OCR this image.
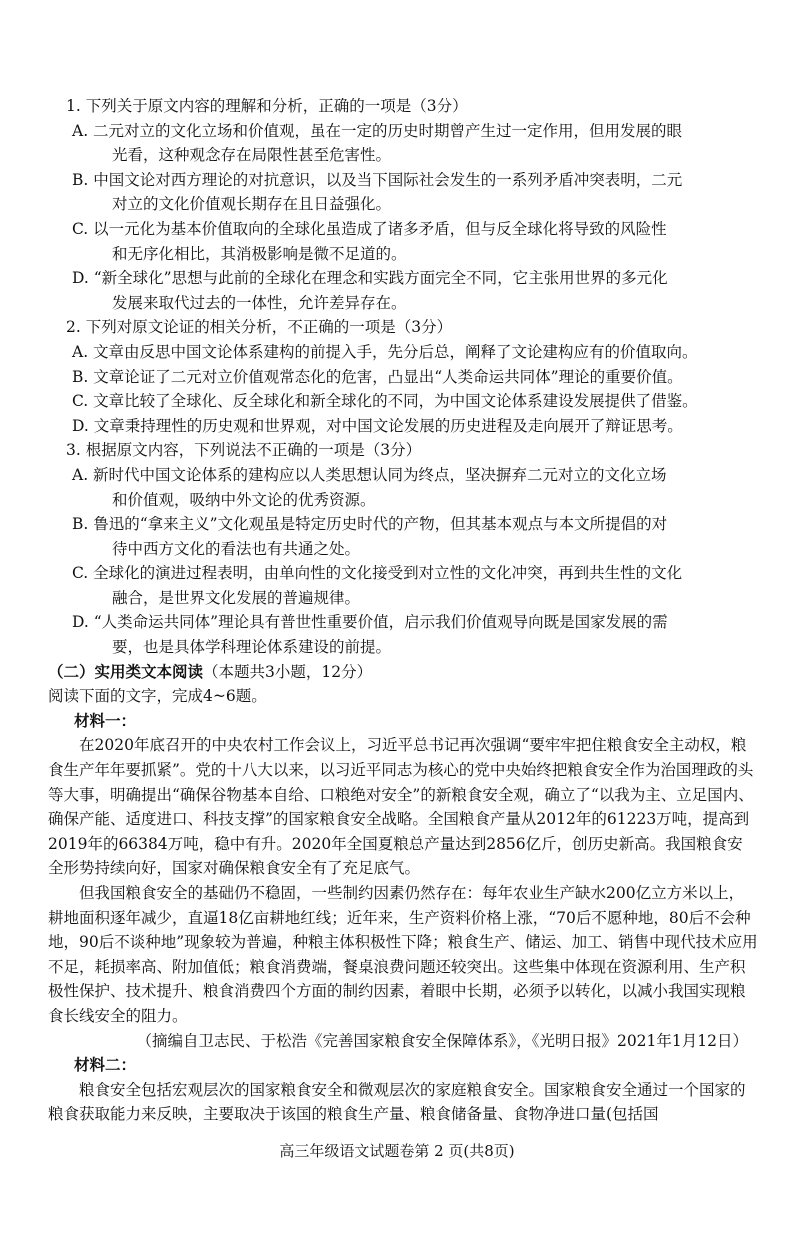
1. 下列关于原文内容的理解和分析，正确的一项是（3分）
A. 二元对立的文化立场和价值观，虽在一定的历史时期曾产生过一定作用，但用发展的眼
光看，这种观念存在局限性甚至危害性。
B. 中国文论对西方理论的对抗意识，以及当下国际社会发生的一系列矛盾冲突表明，二元
对立的文化价值观长期存在且日益强化。
C. 以一元化为基本价值取向的全球化虽造成了诸多矛盾，但与反全球化将导致的风险性
和无序化相比，其消极影响是微不足道的。
D. “新全球化”思想与此前的全球化在理念和实践方面完全不同，它主张用世界的多元化
发展来取代过去的一体性，允许差异存在。
2. 下列对原文论证的相关分析，不正确的一项是（3分）
A. 文章由反思中国文论体系建构的前提入手，先分后总，阐释了文论建构应有的价值取向。
B. 文章论证了二元对立价值观常态化的危害，凸显出“人类命运共同体”理论的重要价值。
C. 文章比较了全球化、反全球化和新全球化的不同，为中国文论体系建设发展提供了借鉴。
D. 文章秉持理性的历史观和世界观，对中国文论发展的历史进程及走向展开了辩证思考。
3. 根据原文内容，下列说法不正确的一项是（3分）
A. 新时代中国文论体系的建构应以人类思想认同为终点，坚决摒弃二元对立的文化立场
和价值观，吸纳中外文论的优秀资源。
B. 鲁迅的“拿来主义”文化观虽是特定历史时代的产物，但其基本观点与本文所提倡的对
待中西方文化的看法也有共通之处。
C. 全球化的演进过程表明，由单向性的文化接受到对立性的文化冲突，再到共生性的文化
融合，是世界文化发展的普遍规律。
D. “人类命运共同体”理论具有普世性重要价值，启示我们价值观导向既是国家发展的需
要，也是具体学科理论体系建设的前提。
（二）实用类文本阅读（本题共3小题，12分）
阅读下面的文字，完成4~6题。
材料一：
在2020年底召开的中央农村工作会议上，习近平总书记再次强调“要牢牢把住粮食安全主动权，粮食生产年年要抓紧”。党的十八大以来，以习近平同志为核心的党中央始终把粮食安全作为治国理政的头等大事，明确提出“确保谷物基本自给、口粮绝对安全”的新粮食安全观，确立了“以我为主、立足国内、确保产能、适度进口、科技支撑”的国家粮食安全战略。全国粮食产量从2012年的61223万吨，提高到2019年的66384万吨，稳中有升。2020年全国夏粮总产量达到2856亿斤，创历史新高。我国粮食安全形势持续向好，国家对确保粮食安全有了充足底气。
但我国粮食安全的基础仍不稳固，一些制约因素仍然存在：每年农业生产缺水200亿立方米以上，耕地面积逐年减少，直逼18亿亩耕地红线；近年来，生产资料价格上涨，“70后不愿种地，80后不会种地，90后不谈种地”现象较为普遍，种粮主体积极性下降；粮食生产、储运、加工、销售中现代技术应用不足，耗损率高、附加值低；粮食消费端，餐桌浪费问题还较突出。这些集中体现在资源利用、生产积极性保护、技术提升、粮食消费四个方面的制约因素，着眼中长期，必须予以转化，以减小我国实现粮食长线安全的阻力。
（摘编自卫志民、于松浩《完善国家粮食安全保障体系》，《光明日报》2021年1月12日）
材料二：
粮食安全包括宏观层次的国家粮食安全和微观层次的家庭粮食安全。国家粮食安全通过一个国家的粮食获取能力来反映，主要取决于该国的粮食生产量、粮食储备量、食物净进口量(包括国
高三年级语文试题卷第 2 页(共8页)
